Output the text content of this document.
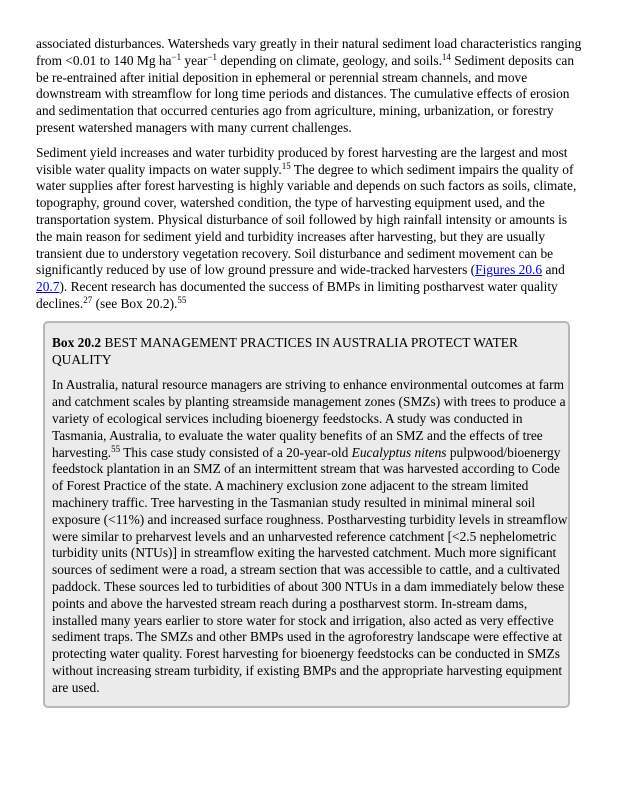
associated disturbances. Watersheds vary greatly in their natural sediment load characteristics ranging from <0.01 to 140 Mg $ha^{-1}$ year$^{-1}$ depending on climate, geology, and soils.$^{14}$ Sediment deposits can be re-entrained after initial deposition in ephemeral or perennial stream channels, and move downstream with streamflow for long time periods and distances. The cumulative effects of erosion and sedimentation that occurred centuries ago from agriculture, mining, urbanization, or forestry present watershed managers with many current challenges.

Sediment yield increases and water turbidity produced by forest harvesting are the largest and most visible water quality impacts on water supply.$^{15}$ The degree to which sediment impairs the quality of water supplies after forest harvesting is highly variable and depends on such factors as soils, climate, topography, ground cover, watershed condition, the type of harvesting equipment used, and the transportation system. Physical disturbance of soil followed by high rainfall intensity or amounts is the main reason for sediment yield and turbidity increases after harvesting, but they are usually transient due to understory vegetation recovery. Soil disturbance and sediment movement can be significantly reduced by use of low ground pressure and wide-tracked harvesters (Figures 20.6 and 20.7). Recent research has documented the success of BMPs in limiting postharvest water quality declines.$^{27}$ (see Box 20.2).$^{55}$

Box 20.2 BEST MANAGEMENT PRACTICES IN AUSTRALIA PROTECT WATER QUALITY

In Australia, natural resource managers are striving to enhance environmental outcomes at farm and catchment scales by planting streamside management zones (SMZs) with trees to produce a variety of ecological services including bioenergy feedstocks. A study was conducted in Tasmania, Australia, to evaluate the water quality benefits of an SMZ and the effects of tree harvesting.$^{55}$ This case study consisted of a 20-year-old Eucalyptus nitens pulpwood/bioenergy feedstock plantation in an SMZ of an intermittent stream that was harvested according to Code of Forest Practice of the state. A machinery exclusion zone adjacent to the stream limited machinery traffic. Tree harvesting in the Tasmanian study resulted in minimal mineral soil exposure (<11%) and increased surface roughness. Postharvesting turbidity levels in streamflow were similar to preharvest levels and an unharvested reference catchment [<2.5 nephelometric turbidity units (NTUs)] in streamflow exiting the harvested catchment. Much more significant sources of sediment were a road, a stream section that was accessible to cattle, and a cultivated paddock. These sources led to turbidities of about 300 NTUs in a dam immediately below these points and above the harvested stream reach during a postharvest storm. In-stream dams, installed many years earlier to store water for stock and irrigation, also acted as very effective sediment traps. The SMZs and other BMPs used in the agroforestry landscape were effective at protecting water quality. Forest harvesting for bioenergy feedstocks can be conducted in SMZs without increasing stream turbidity, if existing BMPs and the appropriate harvesting equipment are used.
